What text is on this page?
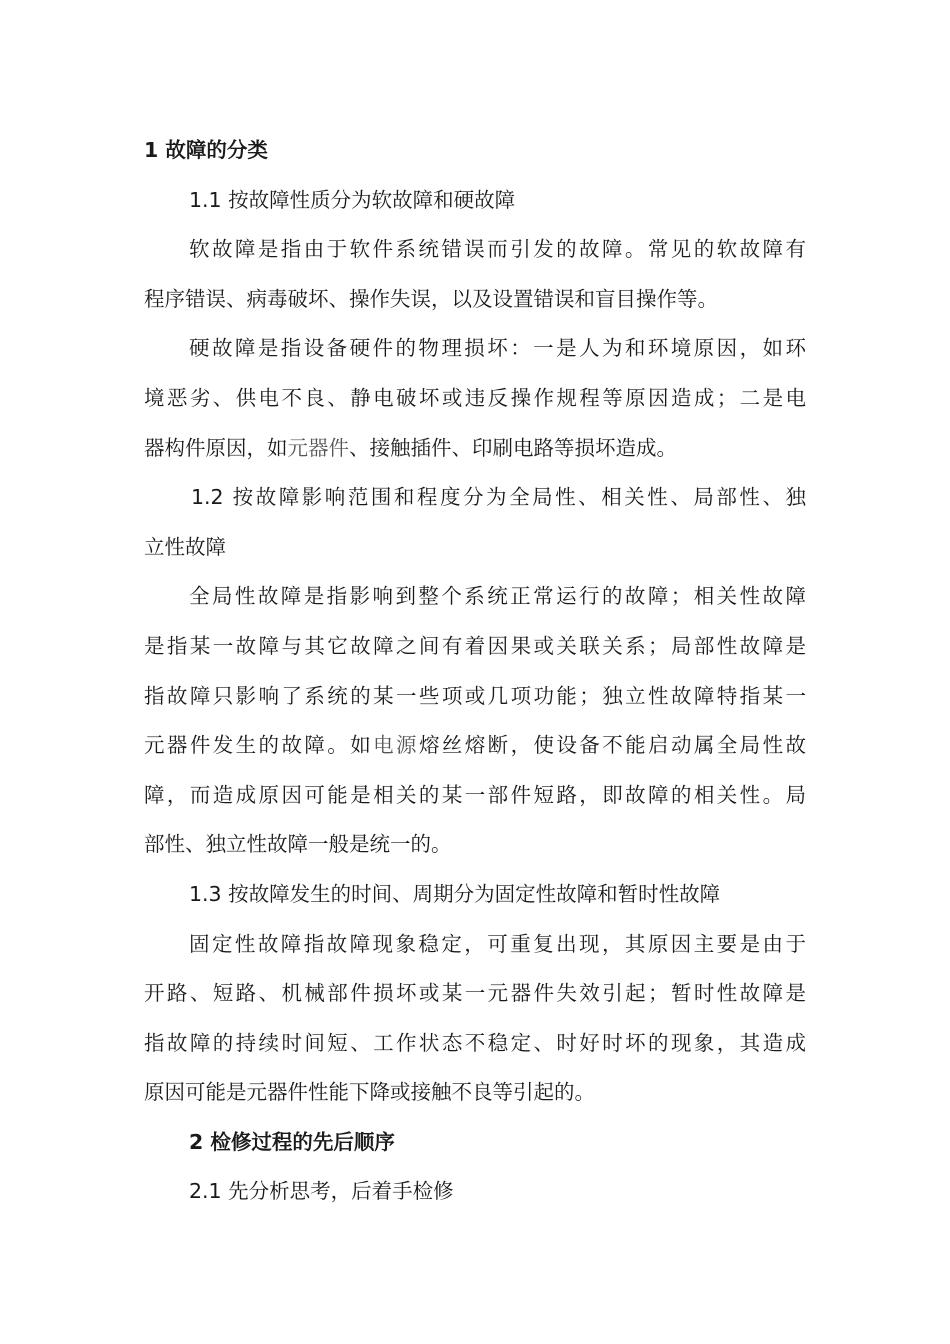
1 故障的分类
1.1 按故障性质分为软故障和硬故障
软故障是指由于软件系统错误而引发的故障。常见的软故障有
程序错误、病毒破坏、操作失误，以及设置错误和盲目操作等。
硬故障是指设备硬件的物理损坏：一是人为和环境原因，如环
境恶劣、供电不良、静电破坏或违反操作规程等原因造成；二是电
器构件原因，如元器件、接触插件、印刷电路等损坏造成。
1.2 按故障影响范围和程度分为全局性、相关性、局部性、独
立性故障
全局性故障是指影响到整个系统正常运行的故障；相关性故障
是指某一故障与其它故障之间有着因果或关联关系；局部性故障是
指故障只影响了系统的某一些项或几项功能；独立性故障特指某一
元器件发生的故障。如电源熔丝熔断，使设备不能启动属全局性故
障，而造成原因可能是相关的某一部件短路，即故障的相关性。局
部性、独立性故障一般是统一的。
1.3 按故障发生的时间、周期分为固定性故障和暂时性故障
固定性故障指故障现象稳定，可重复出现，其原因主要是由于
开路、短路、机械部件损坏或某一元器件失效引起；暂时性故障是
指故障的持续时间短、工作状态不稳定、时好时坏的现象，其造成
原因可能是元器件性能下降或接触不良等引起的。
2 检修过程的先后顺序
2.1 先分析思考，后着手检修
